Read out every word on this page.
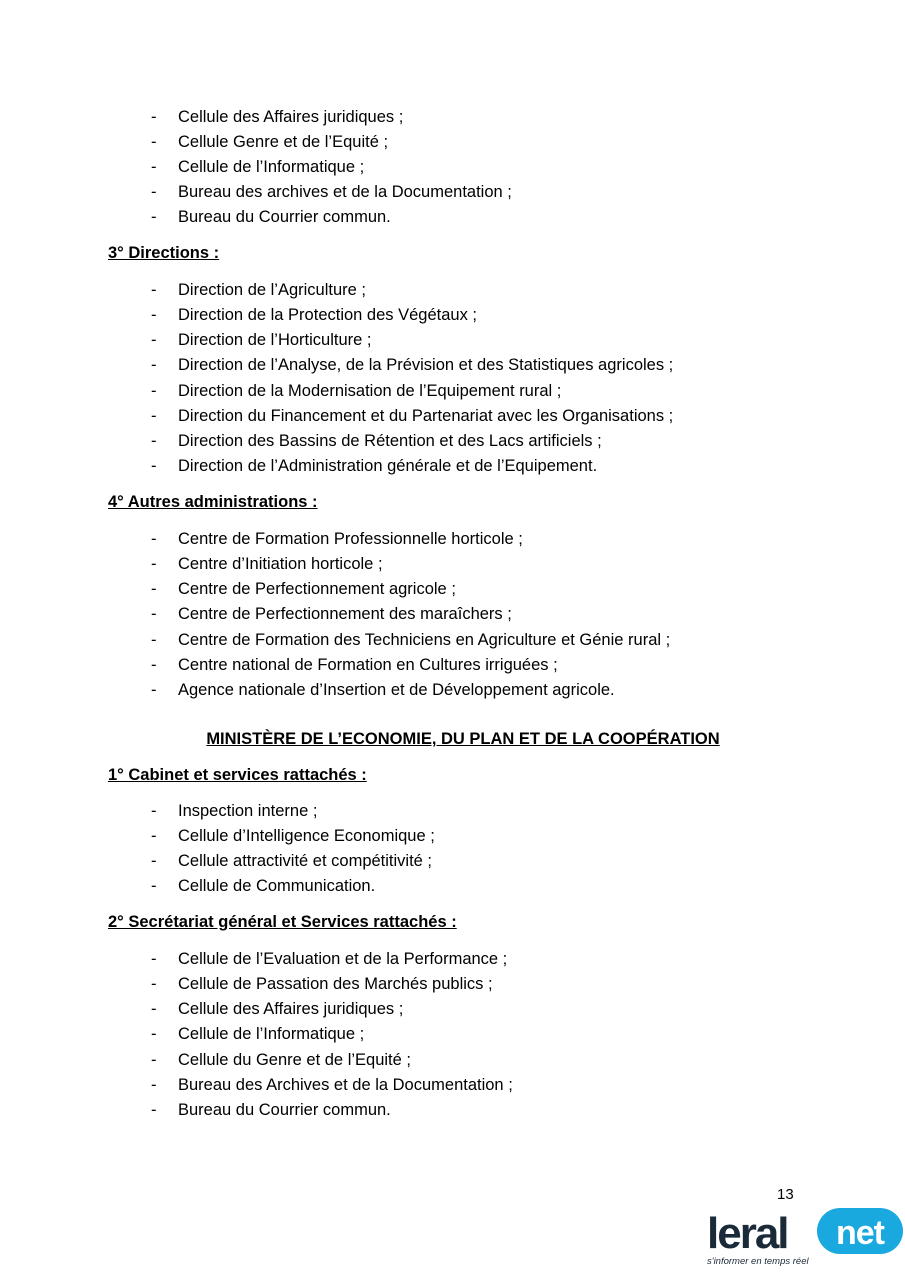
- Cellule des Affaires juridiques ;
- Cellule Genre et de l’Equité ;
- Cellule de l’Informatique ;
- Bureau des archives et de la Documentation ;
- Bureau du Courrier commun.
3° Directions :
- Direction de l’Agriculture ;
- Direction de la Protection des Végétaux ;
- Direction de l’Horticulture ;
- Direction de l’Analyse, de la Prévision et des Statistiques agricoles ;
- Direction de la Modernisation de l’Equipement rural ;
- Direction du Financement et du Partenariat avec les Organisations ;
- Direction des Bassins de Rétention et des Lacs artificiels ;
- Direction de l’Administration générale et de l’Equipement.
4° Autres administrations :
- Centre de Formation Professionnelle horticole ;
- Centre d’Initiation horticole ;
- Centre de Perfectionnement agricole ;
- Centre de Perfectionnement des maraîchers ;
- Centre de Formation des Techniciens en Agriculture et Génie rural ;
- Centre national de Formation en Cultures irriguées ;
- Agence nationale d’Insertion et de Développement agricole.
MINISTÈRE DE L’ECONOMIE, DU PLAN ET DE LA COOPÉRATION
1° Cabinet et services rattachés :
- Inspection interne ;
- Cellule d’Intelligence Economique ;
- Cellule attractivité et compétitivité ;
- Cellule de Communication.
2° Secrétariat général et Services rattachés :
- Cellule de l’Evaluation et de la Performance ;
- Cellule de Passation des Marchés publics ;
- Cellule des Affaires juridiques ;
- Cellule de l’Informatique ;
- Cellule du Genre et de l’Equité ;
- Bureau des Archives et de la Documentation ;
- Bureau du Courrier commun.
13
leral net
s'informer en temps réel
